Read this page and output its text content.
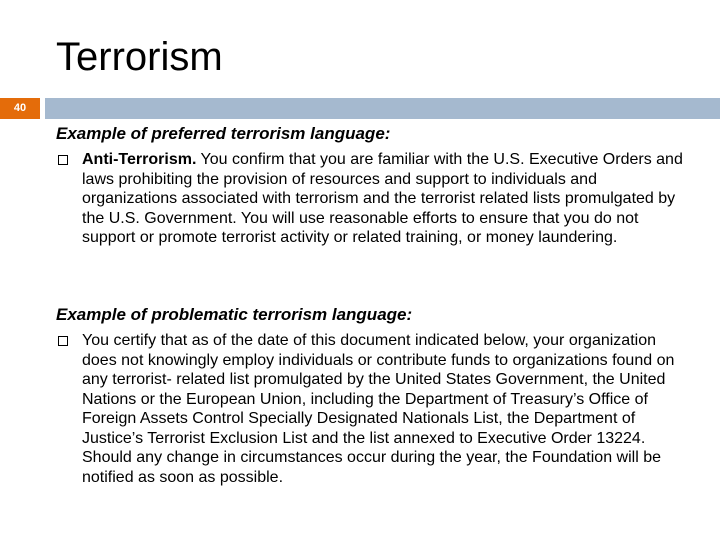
Terrorism
40

Example of preferred terrorism language:

Anti-Terrorism. You confirm that you are familiar with the U.S. Executive Orders and laws prohibiting the provision of resources and support to individuals and organizations associated with terrorism and the terrorist related lists promulgated by the U.S. Government. You will use reasonable efforts to ensure that you do not support or promote terrorist activity or related training, or money laundering.

Example of problematic terrorism language:

You certify that as of the date of this document indicated below, your organization does not knowingly employ individuals or contribute funds to organizations found on any terrorist- related list promulgated by the United States Government, the United Nations or the European Union, including the Department of Treasury’s Office of Foreign Assets Control Specially Designated Nationals List, the Department of Justice’s Terrorist Exclusion List and the list annexed to Executive Order 13224. Should any change in circumstances occur during the year, the Foundation will be notified as soon as possible.
